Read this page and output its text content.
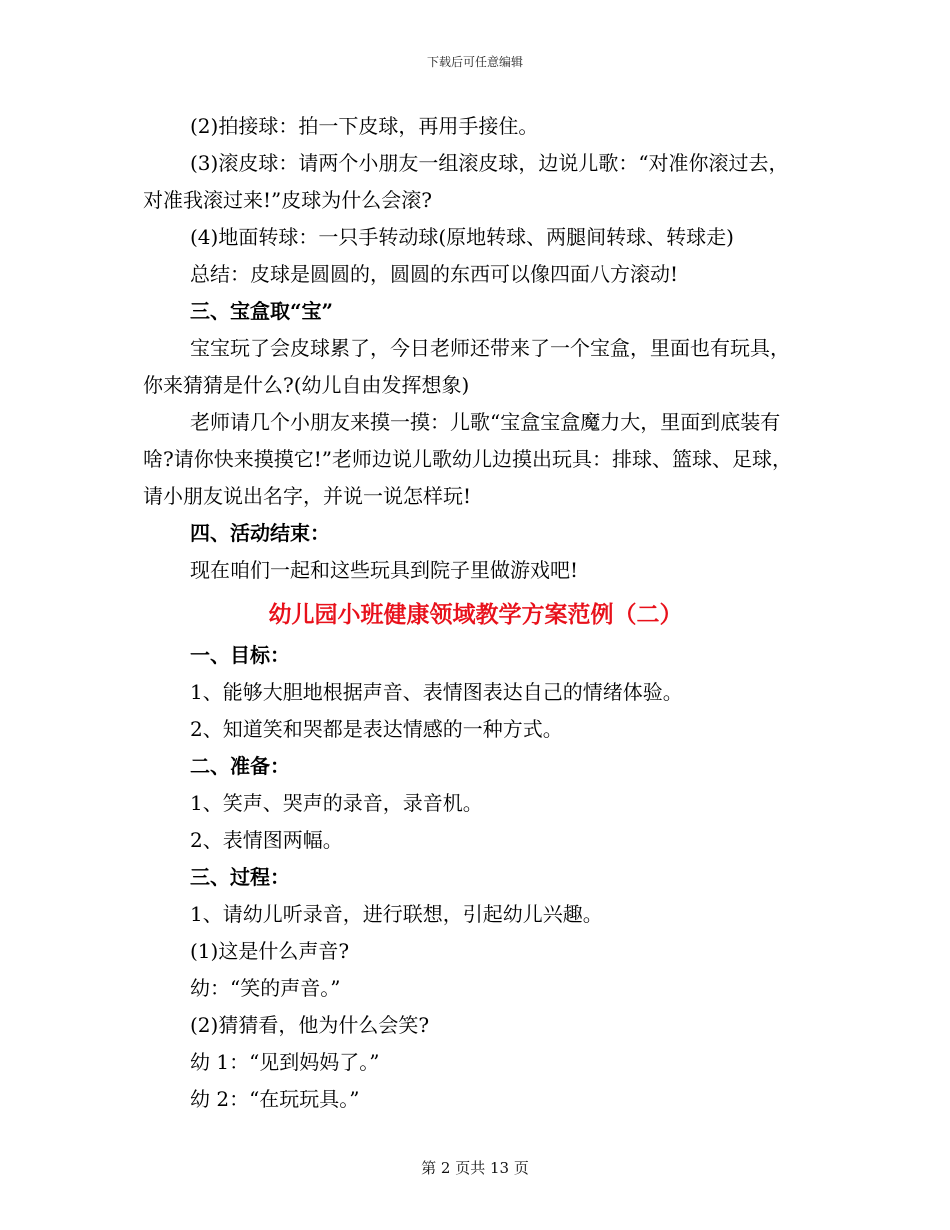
下载后可任意编辑
(2)拍接球：拍一下皮球，再用手接住。
(3)滚皮球：请两个小朋友一组滚皮球，边说儿歌：“对准你滚过去，对准我滚过来!”皮球为什么会滚?
(4)地面转球：一只手转动球(原地转球、两腿间转球、转球走)
总结：皮球是圆圆的，圆圆的东西可以像四面八方滚动!
三、宝盒取“宝”
宝宝玩了会皮球累了，今日老师还带来了一个宝盒，里面也有玩具，你来猜猜是什么?(幼儿自由发挥想象)
老师请几个小朋友来摸一摸：儿歌“宝盒宝盒魔力大，里面到底装有啥?请你快来摸摸它!”老师边说儿歌幼儿边摸出玩具：排球、篮球、足球，请小朋友说出名字，并说一说怎样玩!
四、活动结束：
现在咱们一起和这些玩具到院子里做游戏吧!
幼儿园小班健康领域教学方案范例（二）
一、目标：
1、能够大胆地根据声音、表情图表达自己的情绪体验。
2、知道笑和哭都是表达情感的一种方式。
二、准备：
1、笑声、哭声的录音，录音机。
2、表情图两幅。
三、过程：
1、请幼儿听录音，进行联想，引起幼儿兴趣。
(1)这是什么声音?
幼：“笑的声音。”
(2)猜猜看，他为什么会笑?
幼 1：“见到妈妈了。”
幼 2：“在玩玩具。”
第 2 页共 13 页
